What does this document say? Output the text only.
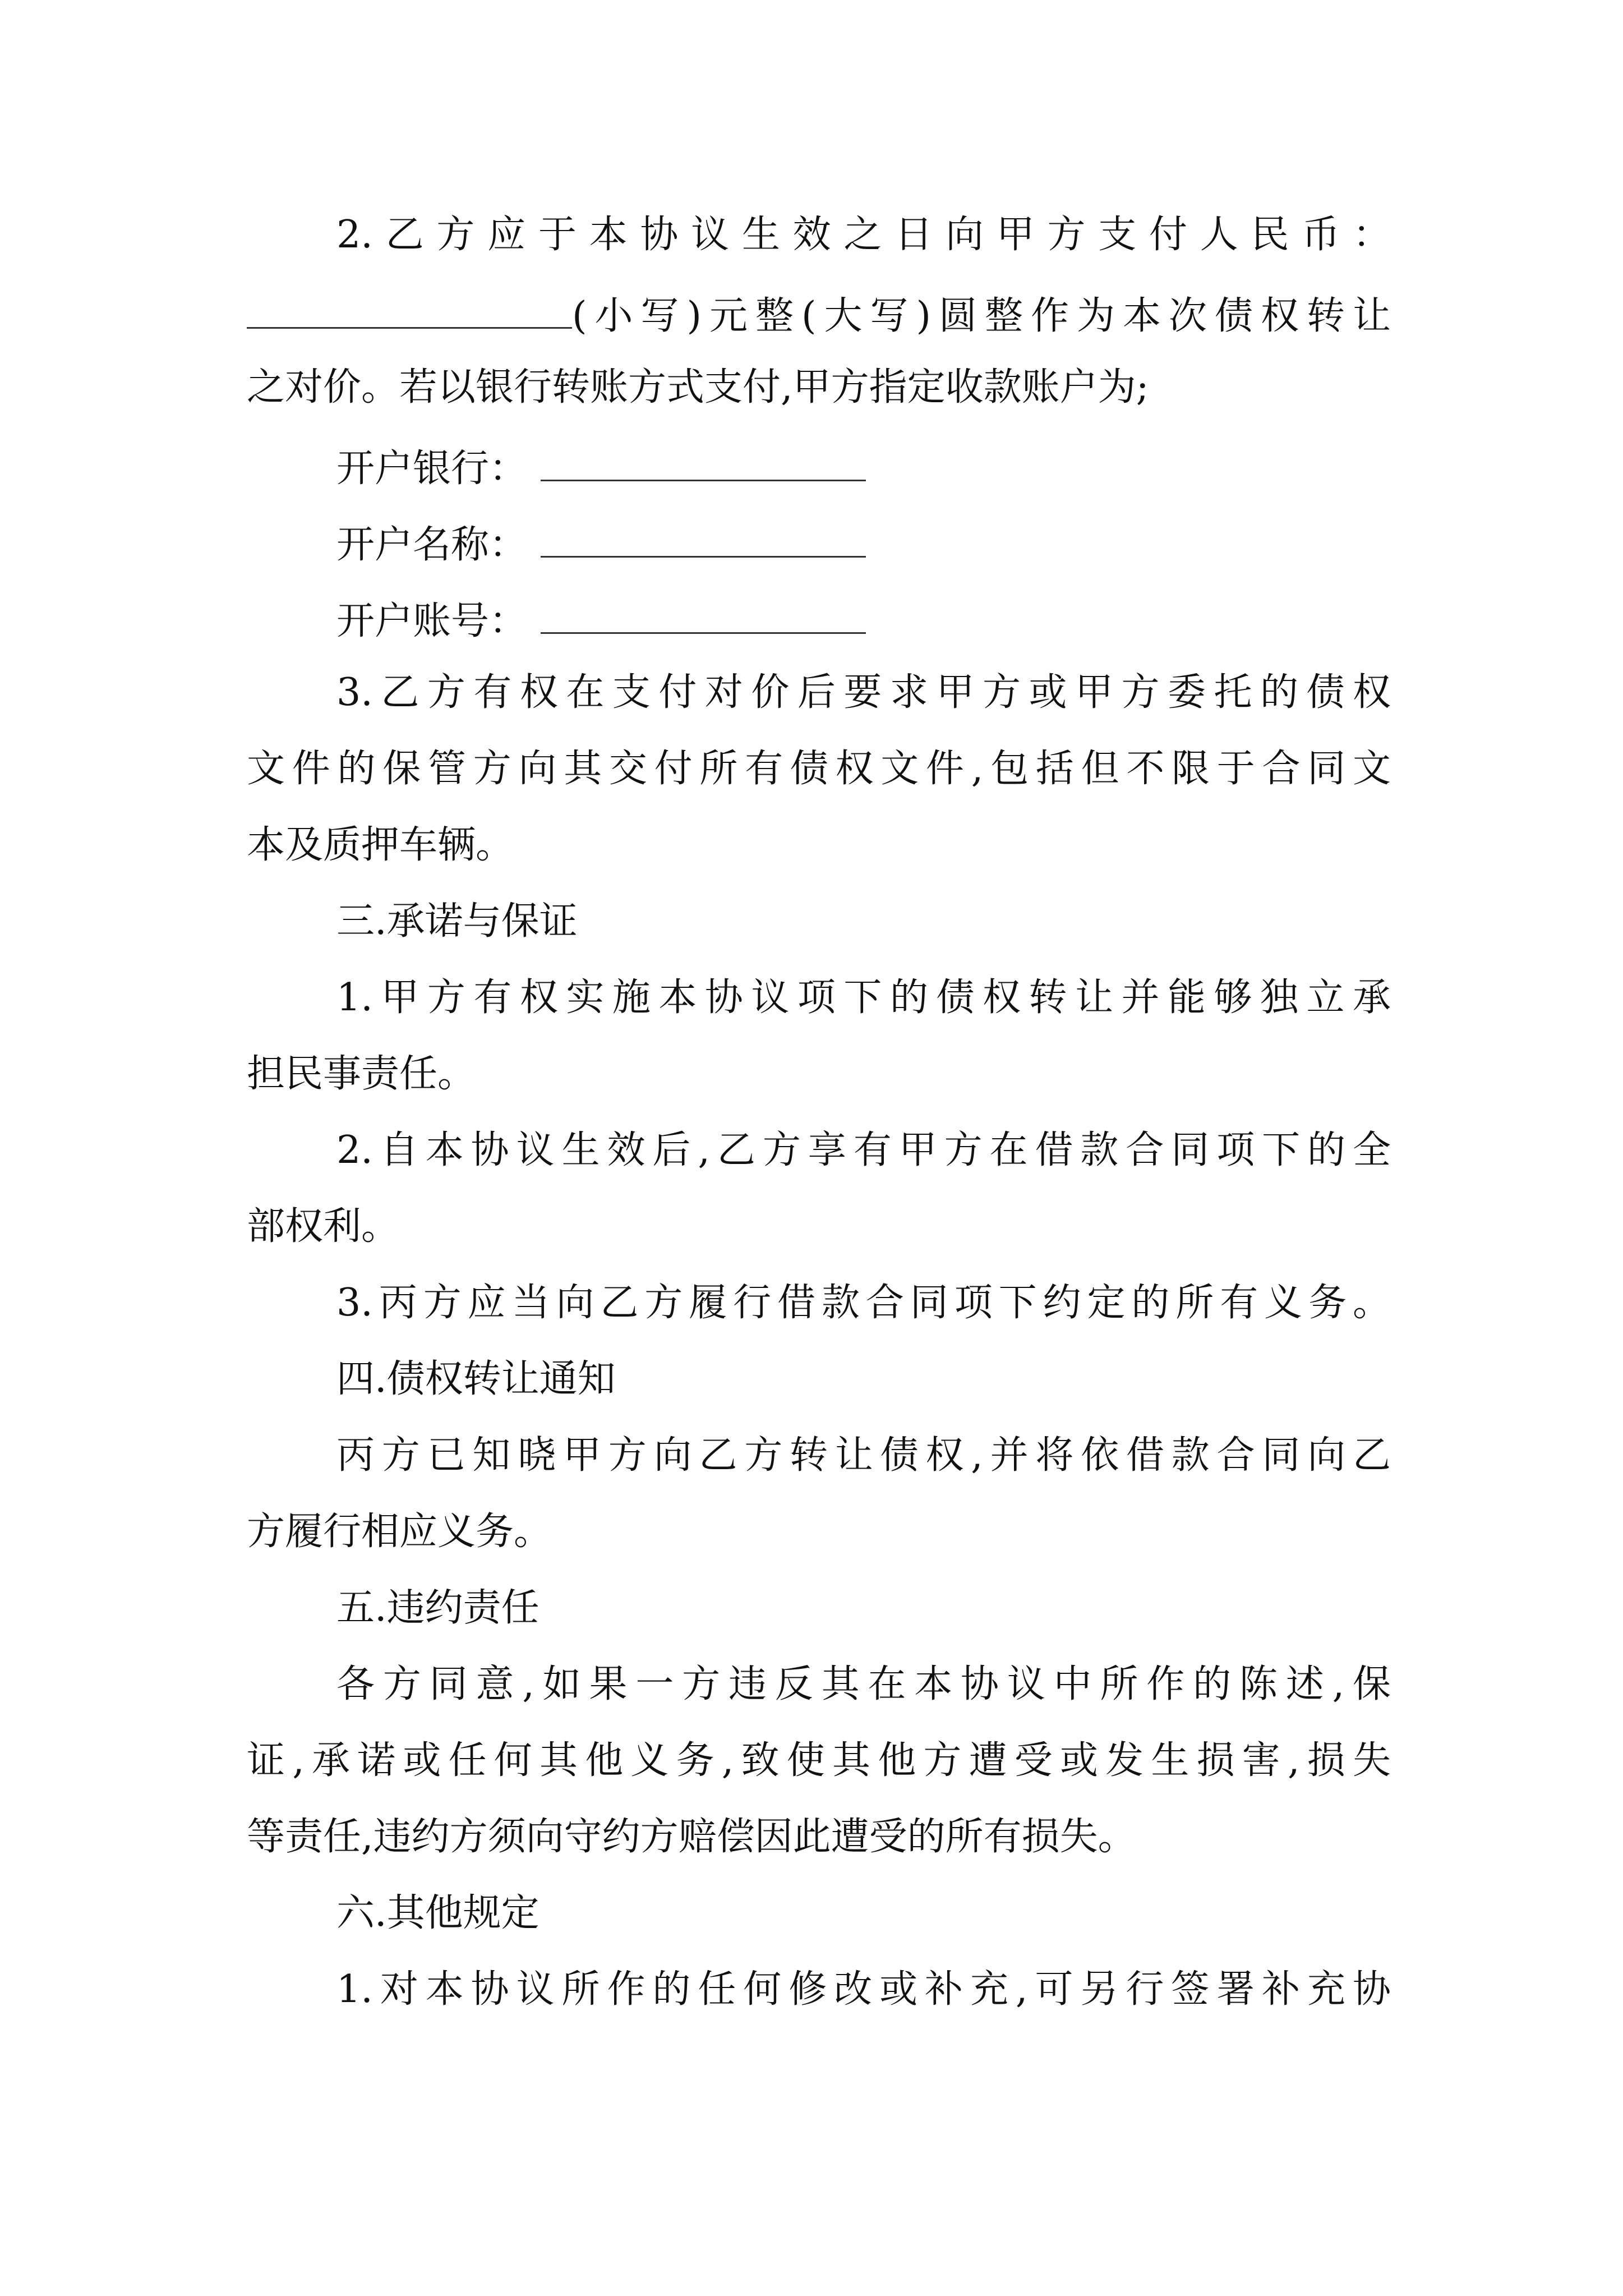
2.乙方应于本协议生效之日向甲方支付人民币：
(小写)元整(大写)圆整作为本次债权转让
之对价。若以银行转账方式支付,甲方指定收款账户为;
开户银行：
开户名称：
开户账号：
3.乙方有权在支付对价后要求甲方或甲方委托的债权
文件的保管方向其交付所有债权文件,包括但不限于合同文
本及质押车辆。
三.承诺与保证
1.甲方有权实施本协议项下的债权转让并能够独立承
担民事责任。
2.自本协议生效后,乙方享有甲方在借款合同项下的全
部权利。
3.丙方应当向乙方履行借款合同项下约定的所有义务。
四.债权转让通知
丙方已知晓甲方向乙方转让债权,并将依借款合同向乙
方履行相应义务。
五.违约责任
各方同意,如果一方违反其在本协议中所作的陈述,保
证,承诺或任何其他义务,致使其他方遭受或发生损害,损失
等责任,违约方须向守约方赔偿因此遭受的所有损失。
六.其他规定
1.对本协议所作的任何修改或补充,可另行签署补充协
